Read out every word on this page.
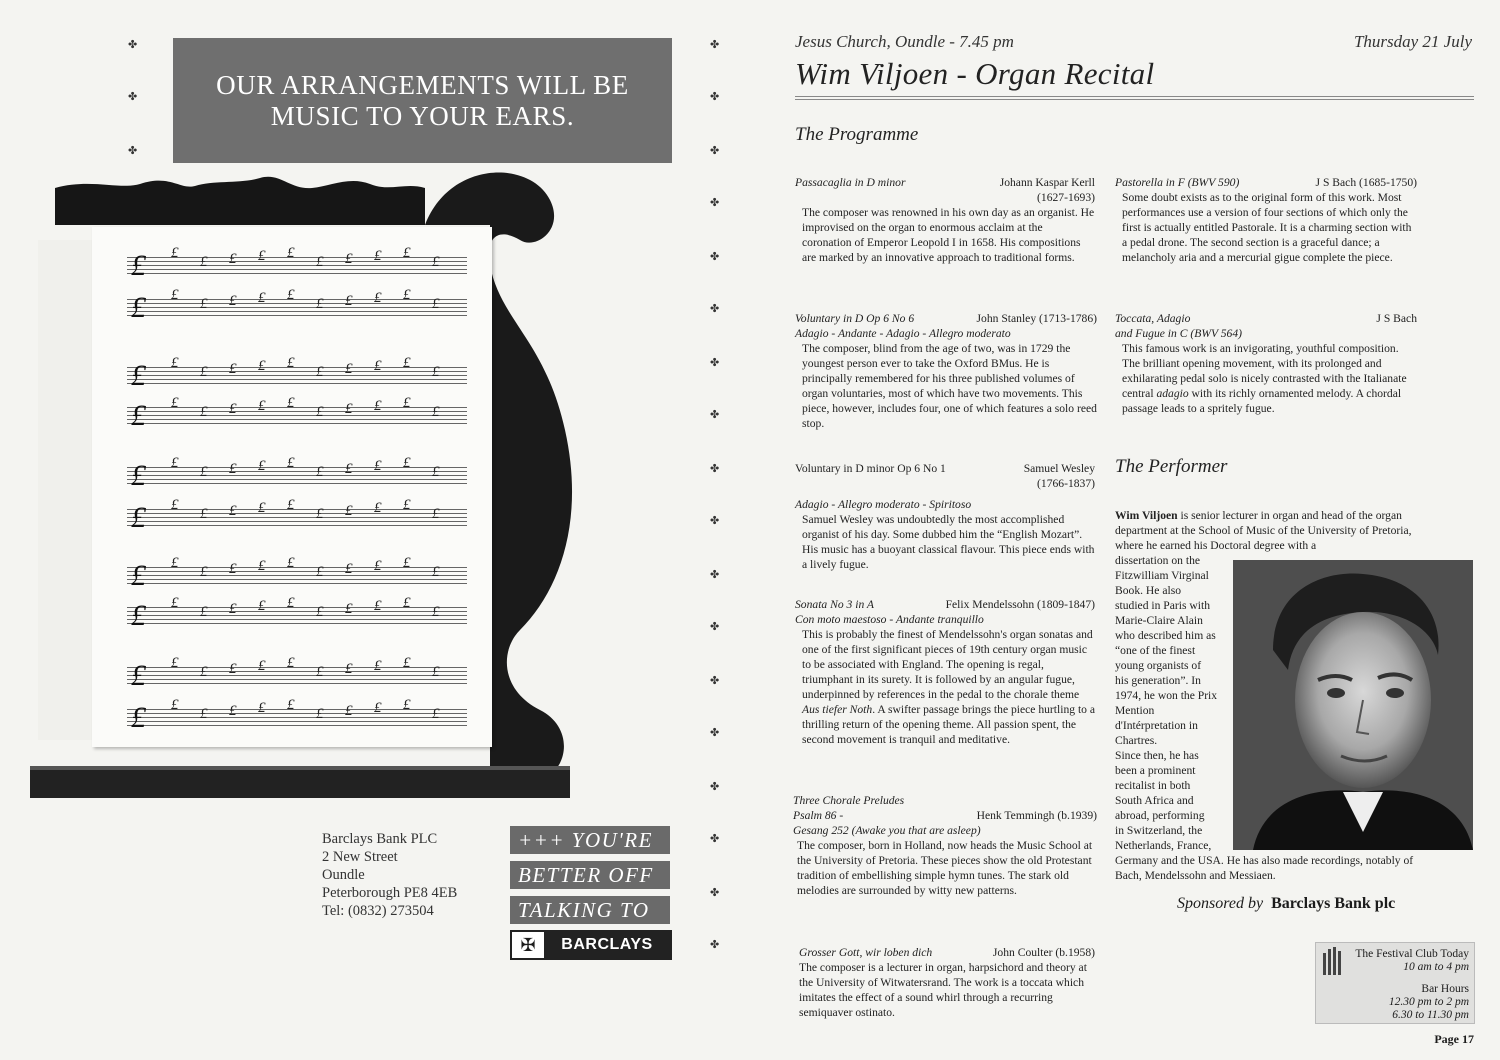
✤
✤
✤
✤
✤
✤
✤
✤
✤
✤
✤
✤
✤
✤
✤
✤
✤
✤
✤
✤
✤
OUR ARRANGEMENTS WILL BE
MUSIC TO YOUR EARS.
£ £
£ £ £ £
£ £ £ £
£
£ £
£ £ £ £
£ £ £ £
£
£ £
£ £ £ £
£ £ £ £
£
£ £
£ £ £ £
£ £ £ £
£
£ £
£ £ £ £
£ £ £ £
£
£ £
£ £ £ £
£ £ £ £
£
£ £
£ £ £ £
£ £ £ £
£
£ £
£ £ £ £
£ £ £ £
£
£ £
£ £ £ £
£ £ £ £
£
£ £
£ £ £ £
£ £ £ £
£
Barclays Bank PLC
2 New Street
Oundle
Peterborough PE8 4EB
Tel: (0832) 273504
+++ YOU'RE
BETTER OFF
TALKING TO
✠	BARCLAYS
Jesus Church, Oundle - 7.45 pm	Thursday 21 July
Wim Viljoen - Organ Recital
The Programme
Passacaglia in D minor	Johann Kaspar Kerll
(1627-1693)
The composer was renowned in his own day as an organist. He improvised on the organ to enormous acclaim at the coronation of Emperor Leopold I in 1658. His compositions are marked by an innovative approach to traditional forms.
Voluntary in D Op 6 No 6	John Stanley (1713-1786)
Adagio - Andante - Adagio - Allegro moderato
The composer, blind from the age of two, was in 1729 the youngest person ever to take the Oxford BMus. He is principally remembered for his three published volumes of organ voluntaries, most of which have two movements. This piece, however, includes four, one of which features a solo reed stop.
Voluntary in D minor Op 6 No 1	Samuel Wesley
(1766-1837)
Adagio - Allegro moderato - Spiritoso
Samuel Wesley was undoubtedly the most accomplished organist of his day. Some dubbed him the “English Mozart”. His music has a buoyant classical flavour. This piece ends with a lively fugue.
Sonata No 3 in A	Felix Mendelssohn (1809-1847)
Con moto maestoso - Andante tranquillo
This is probably the finest of Mendelssohn's organ sonatas and one of the first significant pieces of 19th century organ music to be associated with England. The opening is regal, triumphant in its surety. It is followed by an angular fugue, underpinned by references in the pedal to the chorale theme Aus tiefer Noth. A swifter passage brings the piece hurtling to a thrilling return of the opening theme. All passion spent, the second movement is tranquil and meditative.
Three Chorale Preludes
Psalm 86 -	Henk Temmingh (b.1939)
Gesang 252 (Awake you that are asleep)
The composer, born in Holland, now heads the Music School at the University of Pretoria. These pieces show the old Protestant tradition of embellishing simple hymn tunes. The stark old melodies are surrounded by witty new patterns.
Grosser Gott, wir loben dich	John Coulter (b.1958)
The composer is a lecturer in organ, harpsichord and theory at the University of Witwatersrand. The work is a toccata which imitates the effect of a sound whirl through a recurring semiquaver ostinato.
Pastorella in F (BWV 590)	J S Bach (1685-1750)
Some doubt exists as to the original form of this work. Most performances use a version of four sections of which only the first is actually entitled Pastorale. It is a charming section with a pedal drone. The second section is a graceful dance; a melancholy aria and a mercurial gigue complete the piece.
Toccata, Adagio	J S Bach
and Fugue in C (BWV 564)
This famous work is an invigorating, youthful composition. The brilliant opening movement, with its prolonged and exhilarating pedal solo is nicely contrasted with the Italianate central adagio with its richly ornamented melody. A chordal passage leads to a spritely fugue.
The Performer
Wim Viljoen is senior lecturer in organ and head of the organ department at the School of Music of the University of Pretoria, where he earned his Doctoral degree with a
dissertation on the
Fitzwilliam Virginal
Book. He also
studied in Paris with
Marie-Claire Alain
who described him as
“one of the finest
young organists of
his generation”. In
1974, he won the Prix
Mention
d'Intérpretation in
Chartres.
Since then, he has
been a prominent
recitalist in both
South Africa and
abroad, performing
in Switzerland, the
Netherlands, France,
Germany and the USA. He has also made recordings, notably of Bach, Mendelssohn and Messiaen.
Sponsored by Barclays Bank plc
The Festival Club Today
10 am to 4 pm
Bar Hours
12.30 pm to 2 pm
6.30 to 11.30 pm
Page 17
